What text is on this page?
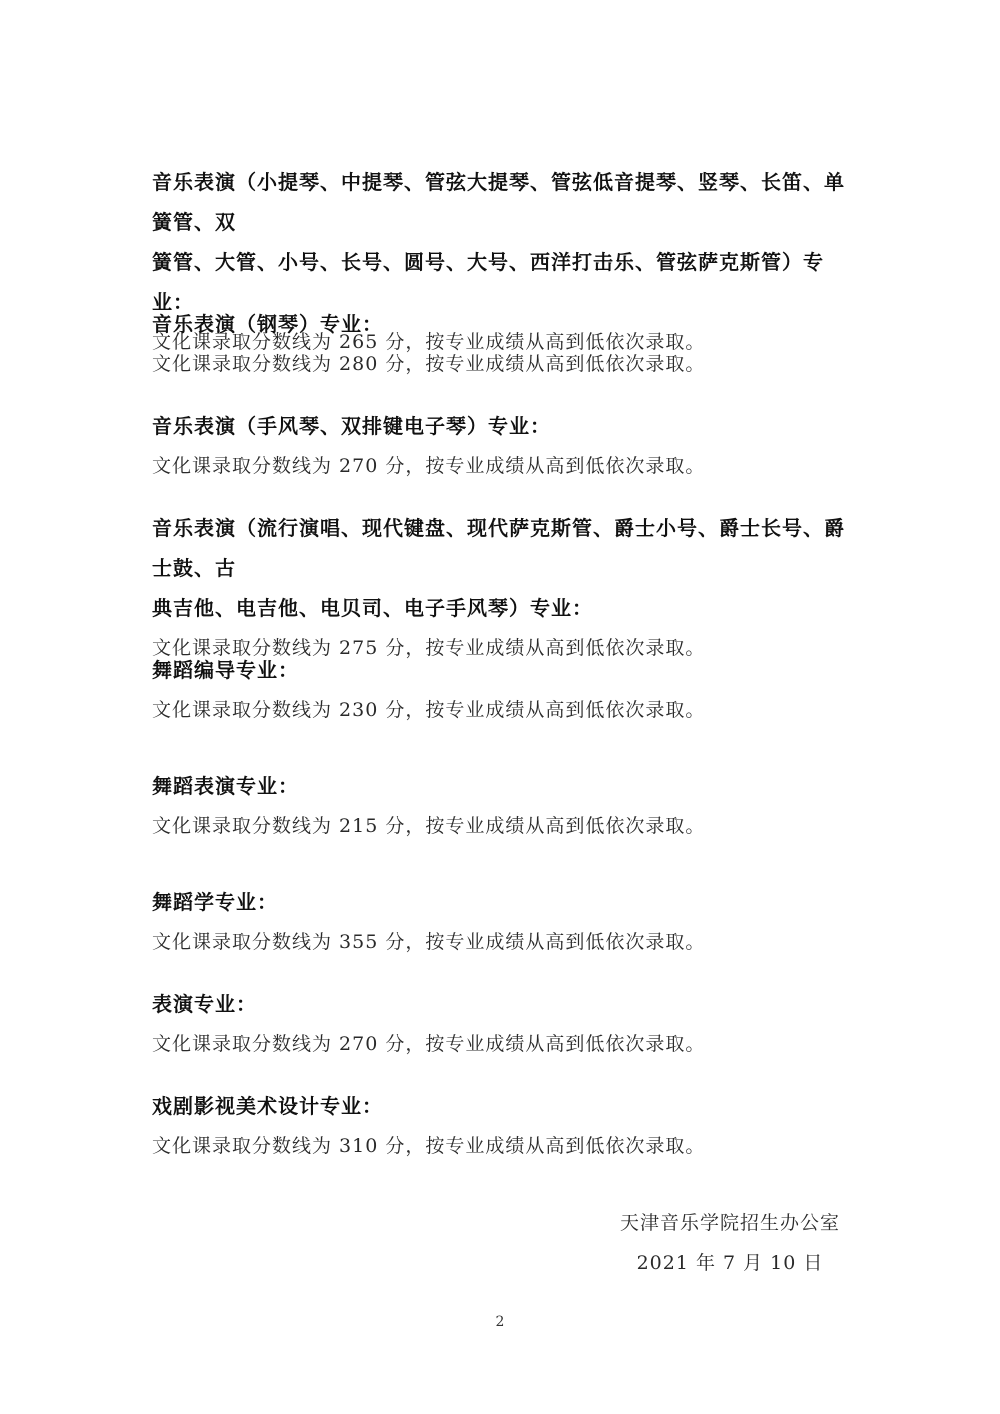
音乐表演（小提琴、中提琴、管弦大提琴、管弦低音提琴、竖琴、长笛、单簧管、双

簧管、大管、小号、长号、圆号、大号、西洋打击乐、管弦萨克斯管）专业：

文化课录取分数线为 265 分，按专业成绩从高到低依次录取。

音乐表演（钢琴）专业：

文化课录取分数线为 280 分，按专业成绩从高到低依次录取。

音乐表演（手风琴、双排键电子琴）专业：

文化课录取分数线为 270 分，按专业成绩从高到低依次录取。

音乐表演（流行演唱、现代键盘、现代萨克斯管、爵士小号、爵士长号、爵士鼓、古

典吉他、电吉他、电贝司、电子手风琴）专业：

文化课录取分数线为 275 分，按专业成绩从高到低依次录取。

舞蹈编导专业：

文化课录取分数线为 230 分，按专业成绩从高到低依次录取。

舞蹈表演专业：

文化课录取分数线为 215 分，按专业成绩从高到低依次录取。

舞蹈学专业：

文化课录取分数线为 355 分，按专业成绩从高到低依次录取。

表演专业：

文化课录取分数线为 270 分，按专业成绩从高到低依次录取。

戏剧影视美术设计专业：

文化课录取分数线为 310 分，按专业成绩从高到低依次录取。

天津音乐学院招生办公室
2021 年 7 月 10 日
2
